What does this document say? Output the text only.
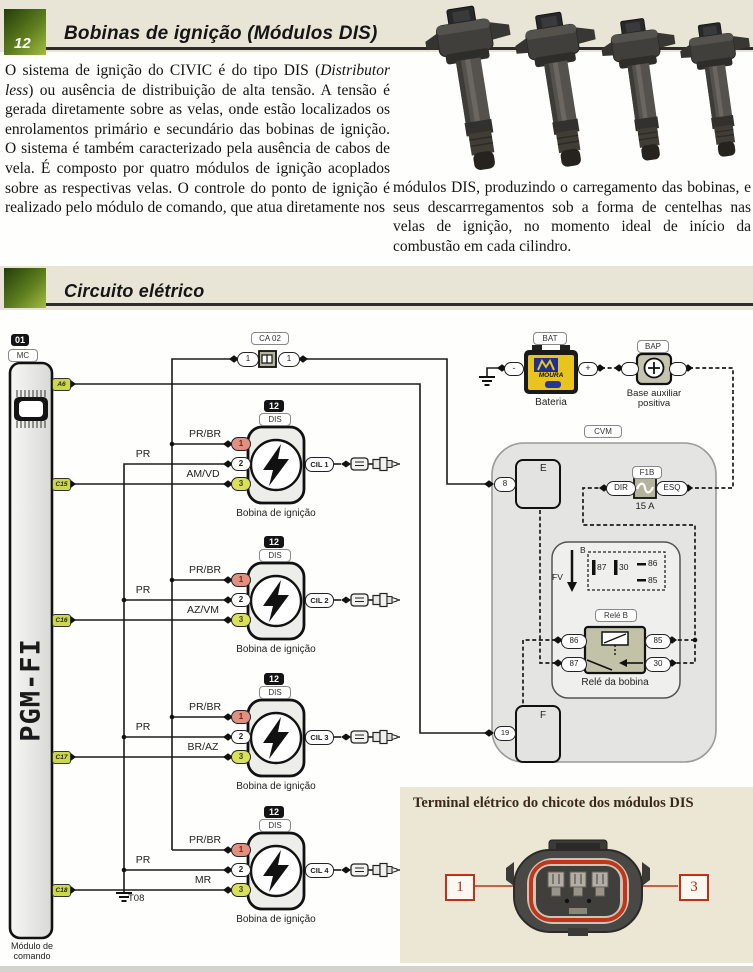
12 Bobinas de ignição (Módulos DIS)
O sistema de ignição do CIVIC é do tipo DIS (Distributor less) ou ausência de distribuição de alta tensão. A tensão é gerada diretamente sobre as velas, onde estão localizados os enrolamentos primário e secundário das bobinas de ignição. O sistema é também caracterizado pela ausência de cabos de vela. É composto por quatro módulos de ignição acoplados sobre as respectivas velas. O controle do ponto de ignição é realizado pelo módulo de comando, que atua diretamente nos
módulos DIS, produzindo o carregamento das bobinas, e seus descarrregamentos sob a forma de centelhas nas velas de ignição, no momento ideal de início da combustão em cada cilindro.
Circuito elétrico
Terminal elétrico do chicote dos módulos DIS
01
MC
PGM-FI
Módulo de
comando
A6
C15
C16
C17
C18
T08
CA 02
1	1
12
DIS
1
2
3
PR/BR
PR
AM/VD
CIL 1
Bobina de ignição
12
DIS
1
2
3
PR/BR
PR
AZ/VM
CIL 2
Bobina de ignição
12
DIS
1
2
3
PR/BR
PR
BR/AZ
CIL 3
Bobina de ignição
12
DIS
1
2
3
PR/BR
PR
MR
CIL 4
Bobina de ignição
BAT
MOURA
-	+
Bateria
BAP
Base auxiliar
positiva
CVM
E
8
F
19
F1B
DIR	ESQ
15 A
B
FV
87 30 86
85
Relé B
86
87
85
30
Relé da bobina
1	3
